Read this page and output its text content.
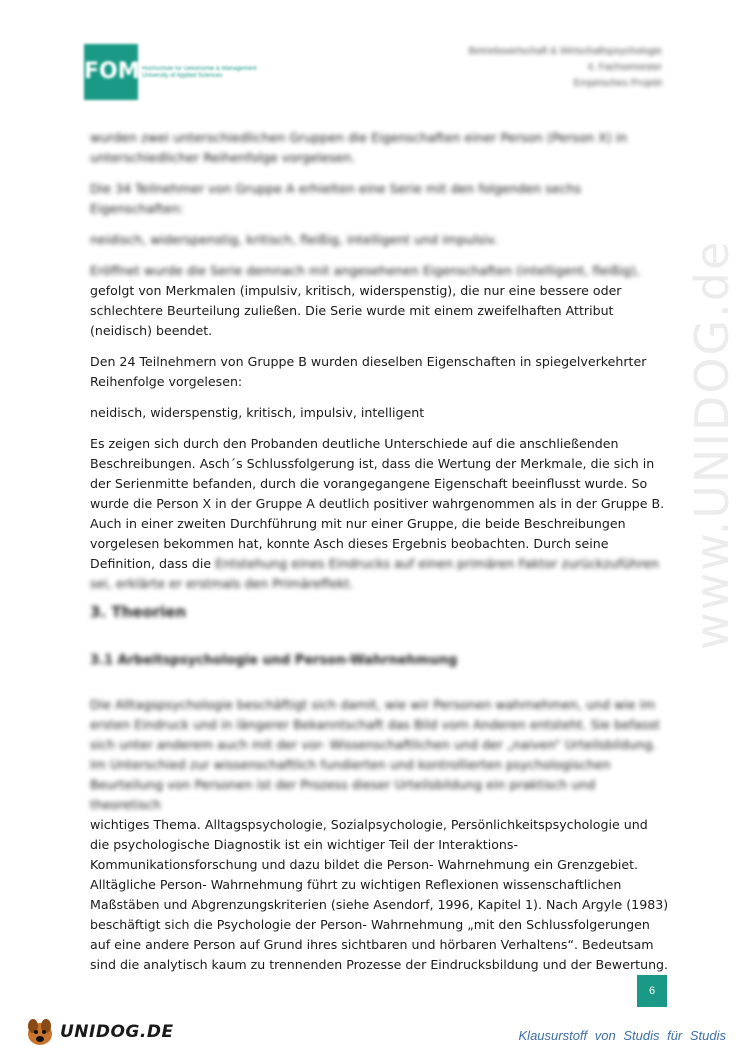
www.UNIDOG.de
FOM Hochschule für Oekonomie & Management University of Applied Sciences
Betriebswirtschaft & Wirtschaftspsychologie
4. Fachsemester
Empirisches Projekt

wurden zwei unterschiedlichen Gruppen die Eigenschaften einer Person (Person X) in unterschiedlicher Reihenfolge vorgelesen.

Die 34 Teilnehmer von Gruppe A erhielten eine Serie mit den folgenden sechs Eigenschaften:

neidisch, widerspenstig, kritisch, fleißig, intelligent und impulsiv.

Eröffnet wurde die Serie demnach mit angesehenen Eigenschaften (intelligent, fleißig),
gefolgt von Merkmalen (impulsiv, kritisch, widerspenstig), die nur eine bessere oder schlechtere Beurteilung zuließen. Die Serie wurde mit einem zweifelhaften Attribut (neidisch) beendet.

Den 24 Teilnehmern von Gruppe B wurden dieselben Eigenschaften in spiegelverkehrter Reihenfolge vorgelesen:

neidisch, widerspenstig, kritisch, impulsiv, intelligent

Es zeigen sich durch den Probanden deutliche Unterschiede auf die anschließenden Beschreibungen. Asch´s Schlussfolgerung ist, dass die Wertung der Merkmale, die sich in der Serienmitte befanden, durch die vorangegangene Eigenschaft beeinflusst wurde. So wurde die Person X in der Gruppe A deutlich positiver wahrgenommen als in der Gruppe B. Auch in einer zweiten Durchführung mit nur einer Gruppe, die beide Beschreibungen vorgelesen bekommen hat, konnte Asch dieses Ergebnis beobachten. Durch seine Definition, dass die Entstehung eines Eindrucks auf einen primären Faktor zurückzuführen sei, erklärte er erstmals den Primäreffekt.

3. Theorien
3.1 Arbeitspsychologie und Person-Wahrnehmung

Die Alltagspsychologie beschäftigt sich damit, wie wir Personen wahrnehmen, und wie im ersten Eindruck und in längerer Bekanntschaft das Bild vom Anderen entsteht. Sie befasst sich unter anderem auch mit der vor- Wissenschaftlichen und der „naiven“ Urteilsbildung. Im Unterschied zur wissenschaftlich fundierten und kontrollierten psychologischen Beurteilung von Personen ist der Prozess dieser Urteilsbildung ein praktisch und theoretisch
wichtiges Thema. Alltagspsychologie, Sozialpsychologie, Persönlichkeitspsychologie und die psychologische Diagnostik ist ein wichtiger Teil der Interaktions- Kommunikationsforschung und dazu bildet die Person- Wahrnehmung ein Grenzgebiet. Alltägliche Person- Wahrnehmung führt zu wichtigen Reflexionen wissenschaftlichen Maßstäben und Abgrenzungskriterien (siehe Asendorf, 1996, Kapitel 1). Nach Argyle (1983) beschäftigt sich die Psychologie der Person- Wahrnehmung „mit den Schlussfolgerungen auf eine andere Person auf Grund ihres sichtbaren und hörbaren Verhaltens“. Bedeutsam sind die analytisch kaum zu trennenden Prozesse der Eindrucksbildung und der Bewertung.

6
UNIDOG.DE	Klausurstoff von Studis für Studis
